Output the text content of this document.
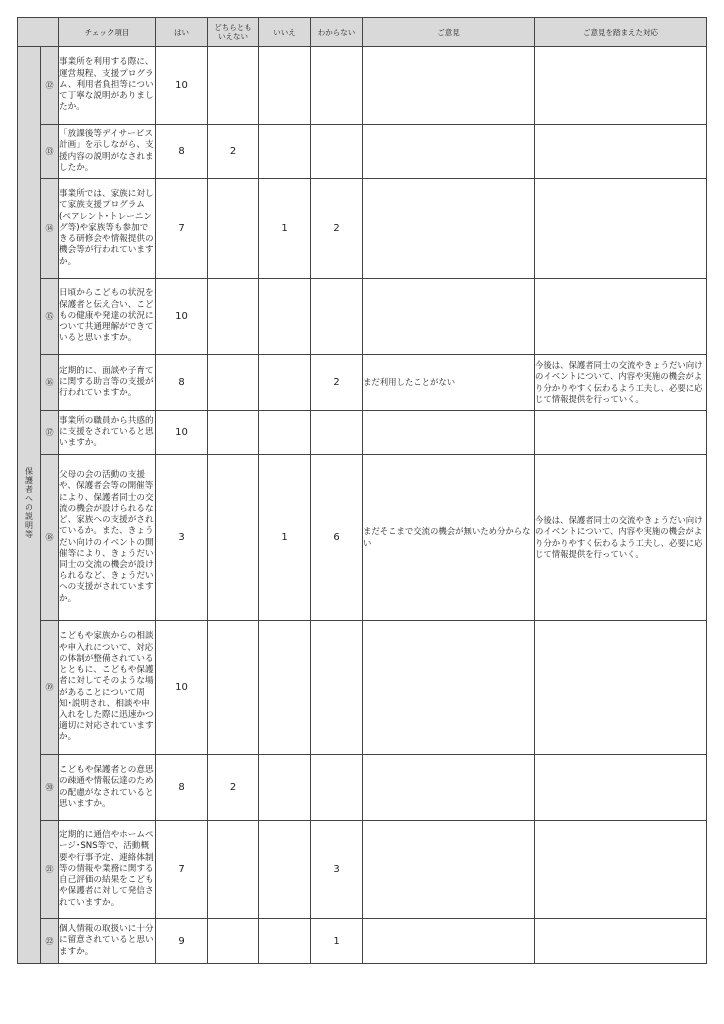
		チェック項目	はい	どちらとも
いえない	いいえ	わからない	ご意見	ご意見を踏まえた対応
保護者への説明等	⑫	事業所を利用する際に、運営規程、支援プログラム、利用者負担等について丁寧な説明がありましたか。	10					
	⑬	「放課後等デイサービス計画」を示しながら、支援内容の説明がなされましたか。	8	2				
	⑭	事業所では、家族に対して家族支援プログラム(ペアレント･トレーニング等)や家族等も参加できる研修会や情報提供の機会等が行われていますか。	7		1	2		
	⑮	日頃からこどもの状況を保護者と伝え合い、こどもの健康や発達の状況について共通理解ができていると思いますか。	10					
	⑯	定期的に、面談や子育てに関する助言等の支援が行われていますか。	8			2	まだ利用したことがない	今後は、保護者同士の交流やきょうだい向けのイベントについて、内容や実施の機会がより分かりやすく伝わるよう工夫し、必要に応じて情報提供を行っていく。
	⑰	事業所の職員から共感的に支援をされていると思いますか。	10					
	⑱	父母の会の活動の支援や、保護者会等の開催等により、保護者同士の交流の機会が設けられるなど、家族への支援がされているか。また、きょうだい向けのイベントの開催等により、きょうだい同士の交流の機会が設けられるなど、きょうだいへの支援がされていますか。	3		1	6	まだそこまで交流の機会が無いため分からない	今後は、保護者同士の交流やきょうだい向けのイベントについて、内容や実施の機会がより分かりやすく伝わるよう工夫し、必要に応じて情報提供を行っていく。
	⑲	こどもや家族からの相談や申入れについて、対応の体制が整備されているとともに、こどもや保護者に対してそのような場があることについて周知･説明され、相談や申入れをした際に迅速かつ適切に対応されていますか。	10					
	⑳	こどもや保護者との意思の疎通や情報伝達のための配慮がなされていると思いますか。	8	2				
	㉑	定期的に通信やホームページ･SNS等で、活動概要や行事予定、連絡体制等の情報や業務に関する自己評価の結果をこどもや保護者に対して発信されていますか。	7			3		
	㉒	個人情報の取扱いに十分に留意されていると思いますか。	9			1		
